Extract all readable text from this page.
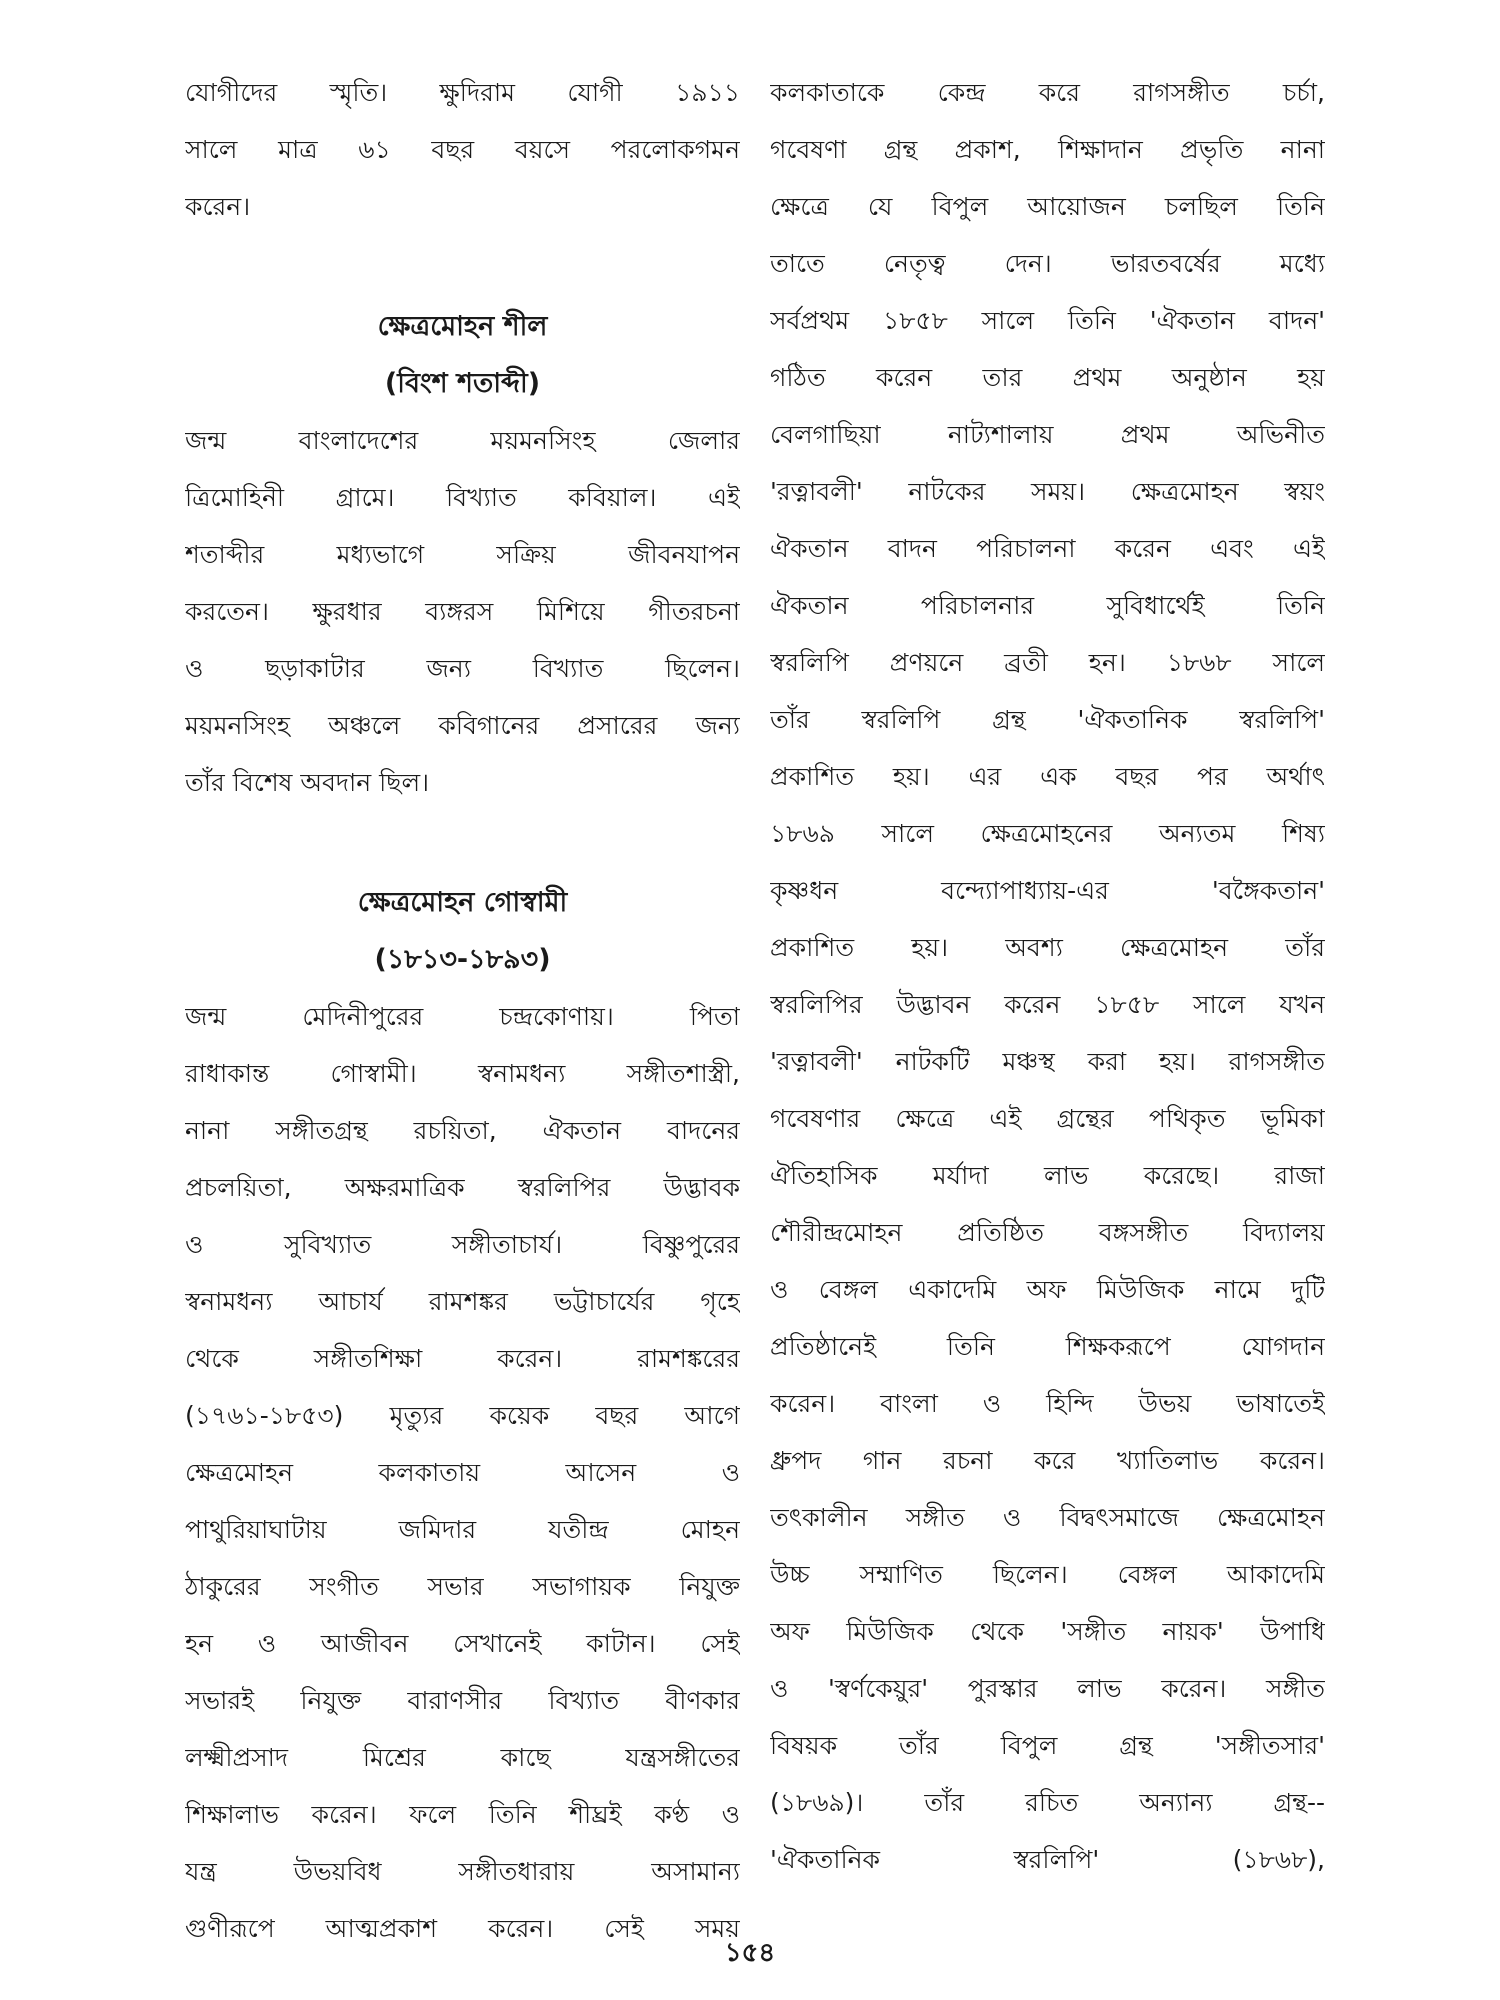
যোগীদের স্মৃতি। ক্ষুদিরাম যোগী ১৯১১
সালে মাত্র ৬১ বছর বয়সে পরলোকগমন
করেন।
ক্ষেত্রমোহন শীল
(বিংশ শতাব্দী)
জন্ম বাংলাদেশের ময়মনসিংহ জেলার
ত্রিমোহিনী গ্রামে। বিখ্যাত কবিয়াল। এই
শতাব্দীর মধ্যভাগে সক্রিয় জীবনযাপন
করতেন। ক্ষুরধার ব্যঙ্গরস মিশিয়ে গীতরচনা
ও ছড়াকাটার জন্য বিখ্যাত ছিলেন।
ময়মনসিংহ অঞ্চলে কবিগানের প্রসারের জন্য
তাঁর বিশেষ অবদান ছিল।
ক্ষেত্রমোহন গোস্বামী
(১৮১৩-১৮৯৩)
জন্ম মেদিনীপুরের চন্দ্রকোণায়। পিতা
রাধাকান্ত গোস্বামী। স্বনামধন্য সঙ্গীতশাস্ত্রী,
নানা সঙ্গীতগ্রন্থ রচয়িতা, ঐকতান বাদনের
প্রচলয়িতা, অক্ষরমাত্রিক স্বরলিপির উদ্ভাবক
ও সুবিখ্যাত সঙ্গীতাচার্য। বিষ্ণুপুরের
স্বনামধন্য আচার্য রামশঙ্কর ভট্টাচার্যের গৃহে
থেকে সঙ্গীতশিক্ষা করেন। রামশঙ্করের
(১৭৬১-১৮৫৩) মৃত্যুর কয়েক বছর আগে
ক্ষেত্রমোহন কলকাতায় আসেন ও
পাথুরিয়াঘাটায় জমিদার যতীন্দ্র মোহন
ঠাকুরের সংগীত সভার সভাগায়ক নিযুক্ত
হন ও আজীবন সেখানেই কাটান। সেই
সভারই নিযুক্ত বারাণসীর বিখ্যাত বীণকার
লক্ষ্মীপ্রসাদ মিশ্রের কাছে যন্ত্রসঙ্গীতের
শিক্ষালাভ করেন। ফলে তিনি শীঘ্রই কণ্ঠ ও
যন্ত্র উভয়বিধ সঙ্গীতধারায় অসামান্য
গুণীরূপে আত্মপ্রকাশ করেন। সেই সময়
কলকাতাকে কেন্দ্র করে রাগসঙ্গীত চর্চা,
গবেষণা গ্রন্থ প্রকাশ, শিক্ষাদান প্রভৃতি নানা
ক্ষেত্রে যে বিপুল আয়োজন চলছিল তিনি
তাতে নেতৃত্ব দেন। ভারতবর্ষের মধ্যে
সর্বপ্রথম ১৮৫৮ সালে তিনি 'ঐকতান বাদন'
গঠিত করেন তার প্রথম অনুষ্ঠান হয়
বেলগাছিয়া নাট্যশালায় প্রথম অভিনীত
'রত্নাবলী' নাটকের সময়। ক্ষেত্রমোহন স্বয়ং
ঐকতান বাদন পরিচালনা করেন এবং এই
ঐকতান পরিচালনার সুবিধার্থেই তিনি
স্বরলিপি প্রণয়নে ব্রতী হন। ১৮৬৮ সালে
তাঁর স্বরলিপি গ্রন্থ 'ঐকতানিক স্বরলিপি'
প্রকাশিত হয়। এর এক বছর পর অর্থাৎ
১৮৬৯ সালে ক্ষেত্রমোহনের অন্যতম শিষ্য
কৃষ্ণধন বন্দ্যোপাধ্যায়-এর 'বঙ্গৈকতান'
প্রকাশিত হয়। অবশ্য ক্ষেত্রমোহন তাঁর
স্বরলিপির উদ্ভাবন করেন ১৮৫৮ সালে যখন
'রত্নাবলী' নাটকটি মঞ্চস্থ করা হয়। রাগসঙ্গীত
গবেষণার ক্ষেত্রে এই গ্রন্থের পথিকৃত ভূমিকা
ঐতিহাসিক মর্যাদা লাভ করেছে। রাজা
শৌরীন্দ্রমোহন প্রতিষ্ঠিত বঙ্গসঙ্গীত বিদ্যালয়
ও বেঙ্গল একাদেমি অফ মিউজিক নামে দুটি
প্রতিষ্ঠানেই তিনি শিক্ষকরূপে যোগদান
করেন। বাংলা ও হিন্দি উভয় ভাষাতেই
ধ্রুপদ গান রচনা করে খ্যাতিলাভ করেন।
তৎকালীন সঙ্গীত ও বিদ্বৎসমাজে ক্ষেত্রমোহন
উচ্চ সম্মাণিত ছিলেন। বেঙ্গল আকাদেমি
অফ মিউজিক থেকে 'সঙ্গীত নায়ক' উপাধি
ও 'স্বর্ণকেয়ুর' পুরস্কার লাভ করেন। সঙ্গীত
বিষয়ক তাঁর বিপুল গ্রন্থ 'সঙ্গীতসার'
(১৮৬৯)। তাঁর রচিত অন্যান্য গ্রন্থ--
'ঐকতানিক স্বরলিপি' (১৮৬৮),
১৫৪
